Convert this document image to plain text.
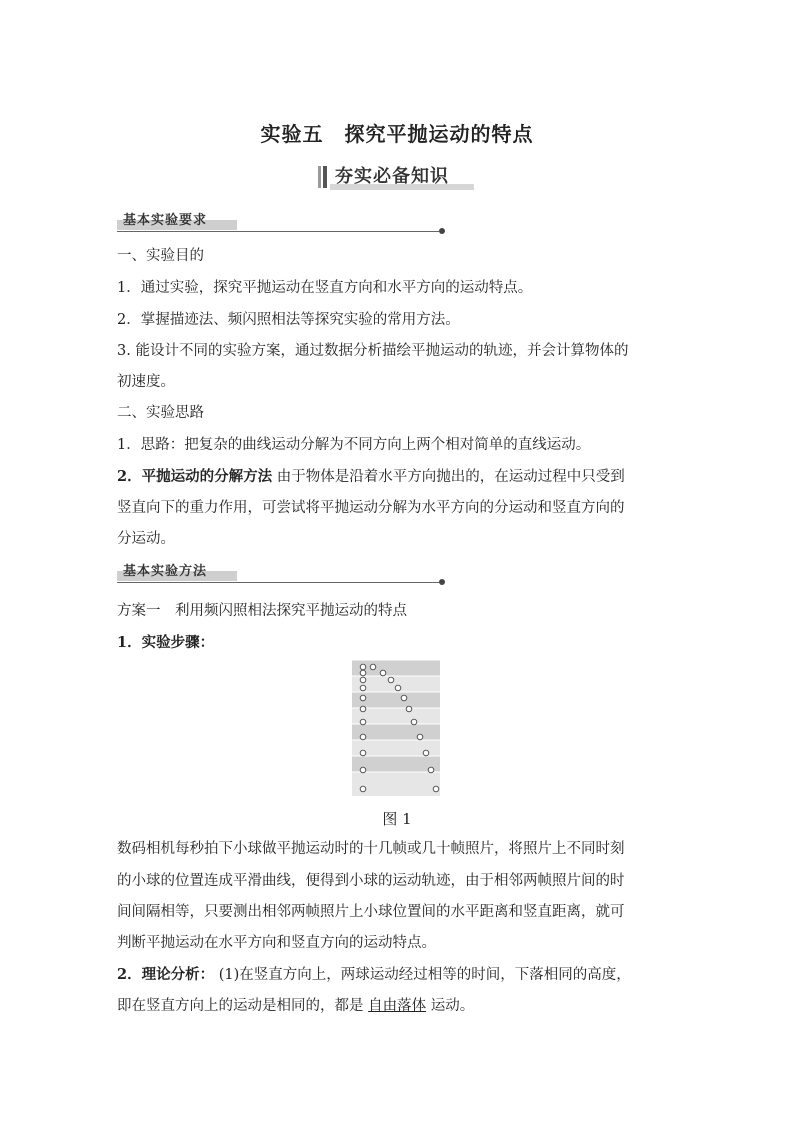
实验五　探究平抛运动的特点
夯实必备知识
基本实验要求
一、实验目的
1．通过实验，探究平抛运动在竖直方向和水平方向的运动特点。
2．掌握描迹法、频闪照相法等探究实验的常用方法。
3. 能设计不同的实验方案，通过数据分析描绘平抛运动的轨迹，并会计算物体的
初速度。
二、实验思路
1．思路：把复杂的曲线运动分解为不同方向上两个相对简单的直线运动。
2．平抛运动的分解方法 由于物体是沿着水平方向抛出的，在运动过程中只受到
竖直向下的重力作用，可尝试将平抛运动分解为水平方向的分运动和竖直方向的
分运动。
基本实验方法
方案一　利用频闪照相法探究平抛运动的特点
1．实验步骤：
图 1
数码相机每秒拍下小球做平抛运动时的十几帧或几十帧照片，将照片上不同时刻
的小球的位置连成平滑曲线，便得到小球的运动轨迹，由于相邻两帧照片间的时
间间隔相等，只要测出相邻两帧照片上小球位置间的水平距离和竖直距离，就可
判断平抛运动在水平方向和竖直方向的运动特点。
2．理论分析： (1)在竖直方向上，两球运动经过相等的时间，下落相同的高度，
即在竖直方向上的运动是相同的，都是 自由落体 运动。
